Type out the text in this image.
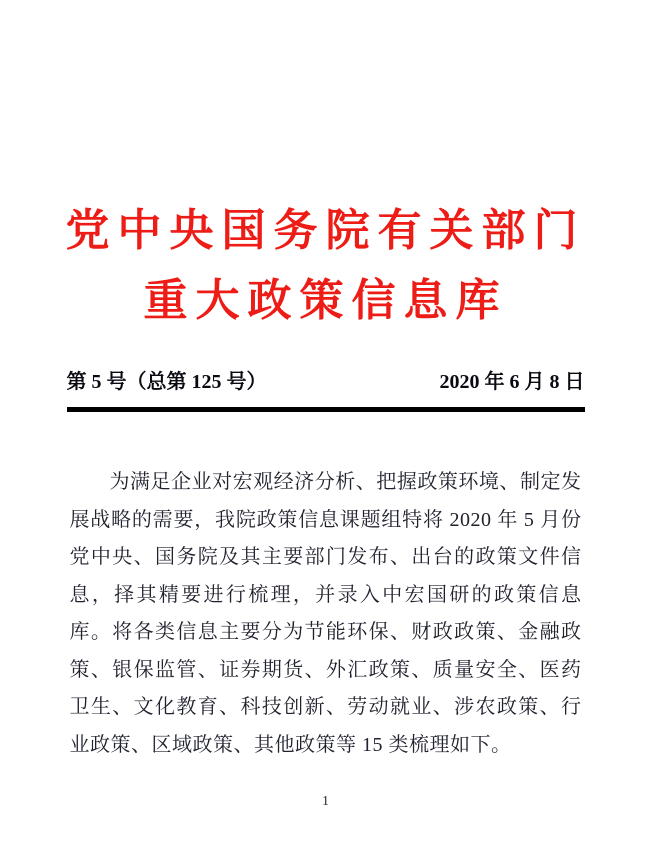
党中央国务院有关部门
重大政策信息库
第 5 号（总第 125 号）	2020 年 6 月 8 日

为满足企业对宏观经济分析、把握政策环境、制定发展战略的需要，我院政策信息课题组特将 2020 年 5 月份党中央、国务院及其主要部门发布、出台的政策文件信息，择其精要进行梳理，并录入中宏国研的政策信息库。将各类信息主要分为节能环保、财政政策、金融政策、银保监管、证券期货、外汇政策、质量安全、医药卫生、文化教育、科技创新、劳动就业、涉农政策、行业政策、区域政策、其他政策等 15 类梳理如下。

1
